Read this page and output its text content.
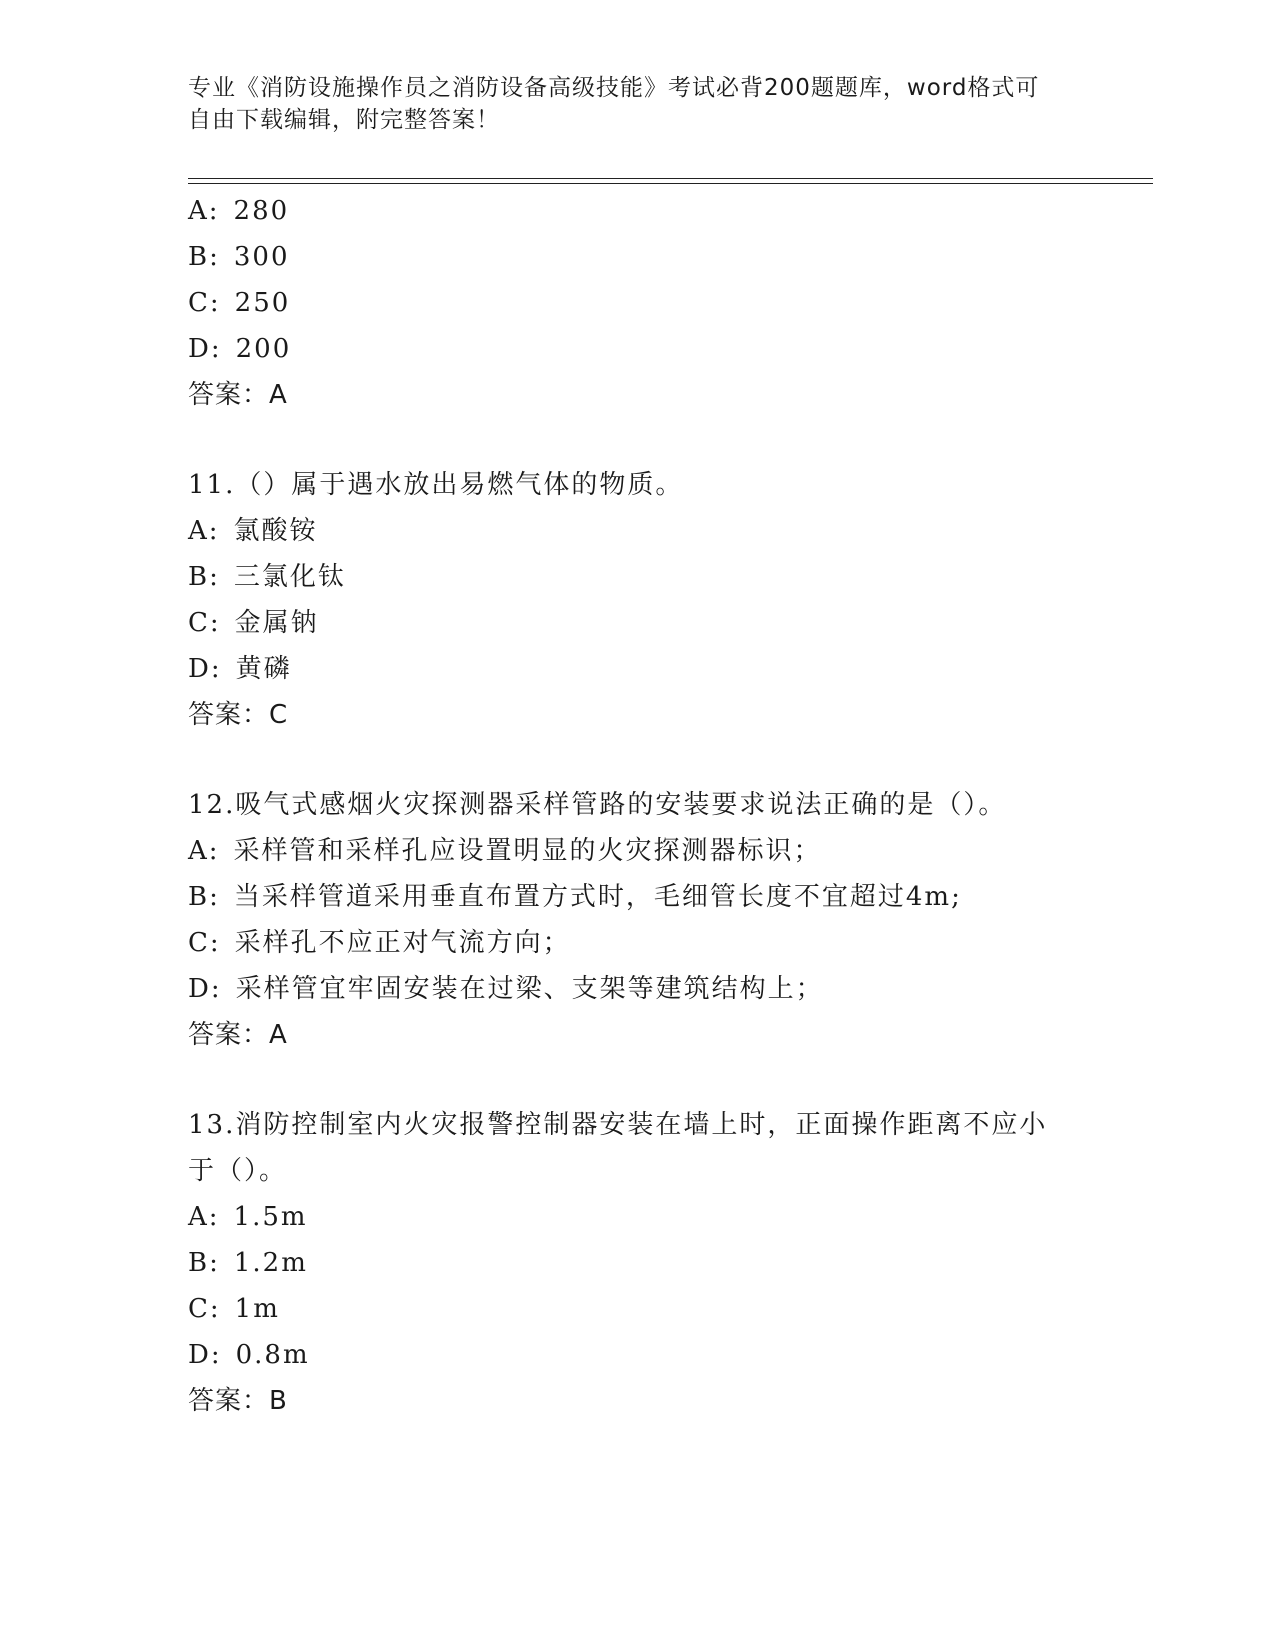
专业《消防设施操作员之消防设备高级技能》考试必背200题题库，word格式可
自由下载编辑，附完整答案！
A: 280
B: 300
C: 250
D: 200
答案：A
11.（）属于遇水放出易燃气体的物质。
A: 氯酸铵
B: 三氯化钛
C: 金属钠
D: 黄磷
答案：C
12.吸气式感烟火灾探测器采样管路的安装要求说法正确的是（）。
A: 采样管和采样孔应设置明显的火灾探测器标识；
B: 当采样管道采用垂直布置方式时，毛细管长度不宜超过4m;
C: 采样孔不应正对气流方向；
D: 采样管宜牢固安装在过梁、支架等建筑结构上；
答案：A
13.消防控制室内火灾报警控制器安装在墙上时，正面操作距离不应小
于（）。
A: 1.5m
B: 1.2m
C: 1m
D: 0.8m
答案：B
